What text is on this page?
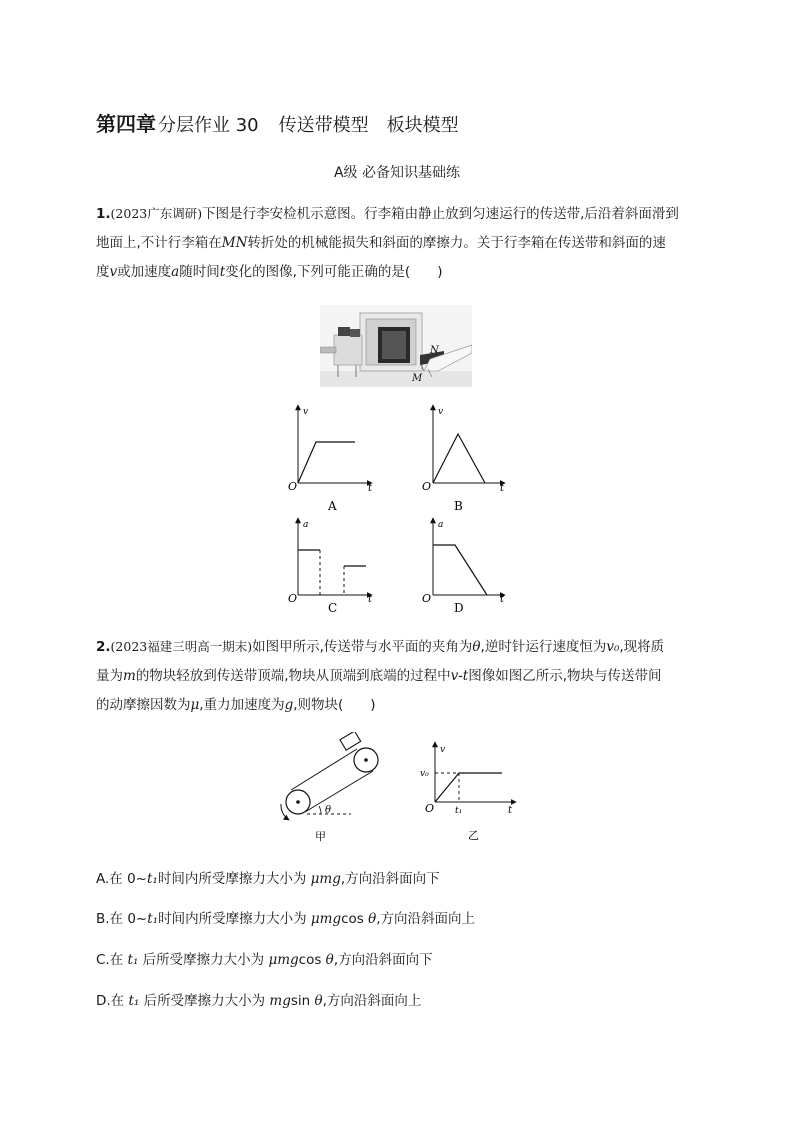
第四章 分层作业 30 传送带模型　板块模型
A级 必备知识基础练
1.(2023广东调研)下图是行李安检机示意图。行李箱由静止放到匀速运行的传送带,后沿着斜面滑到
地面上,不计行李箱在MN转折处的机械能损失和斜面的摩擦力。关于行李箱在传送带和斜面的速
度v或加速度a随时间t变化的图像,下列可能正确的是(　　)
N
M
v
O	t
A
v
O	t
B
a
O	t
C
a
O	t
D
2.(2023福建三明高一期末)如图甲所示,传送带与水平面的夹角为θ,逆时针运行速度恒为v₀,现将质
量为m的物块轻放到传送带顶端,物块从顶端到底端的过程中v-t图像如图乙所示,物块与传送带间
的动摩擦因数为μ,重力加速度为g,则物块(　　)
θ
甲
v
v₀
O t₁	t
乙
A.在 0~t₁时间内所受摩擦力大小为 μmg,方向沿斜面向下
B.在 0~t₁时间内所受摩擦力大小为 μmgcos θ,方向沿斜面向上
C.在 t₁ 后所受摩擦力大小为 μmgcos θ,方向沿斜面向下
D.在 t₁ 后所受摩擦力大小为 mgsin θ,方向沿斜面向上
